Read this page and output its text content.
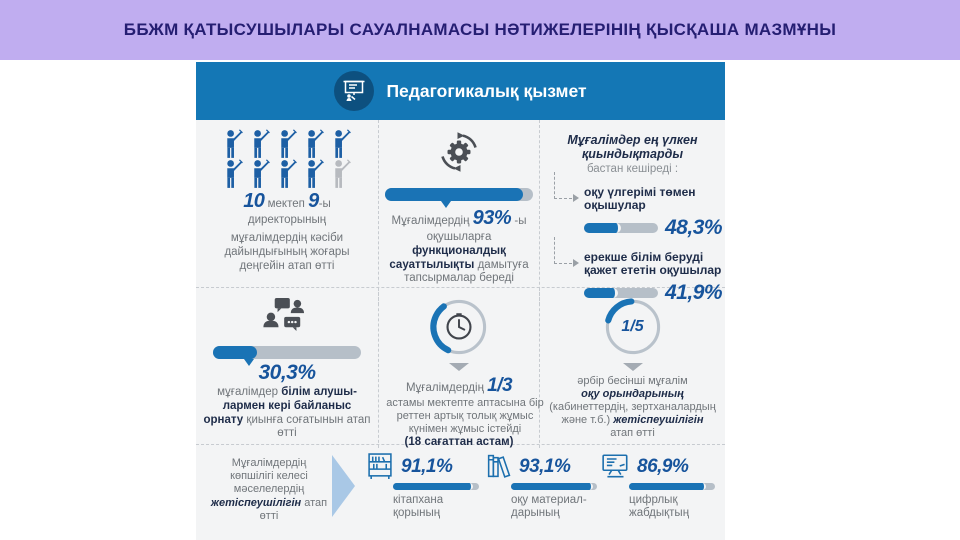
ББЖМ ҚАТЫСУШЫЛАРЫ САУАЛНАМАСЫ НӘТИЖЕЛЕРІНІҢ ҚЫСҚАША МАЗМҰНЫ
Педагогикалық қызмет
10 мектеп 9-ы
директорының
мұғалімдердің кәсіби дайындығының жоғары деңгейін атап өтті
Мұғалімдердің 93% -ы
оқушыларға функционалдық сауаттылықты дамытуға тапсырмалар береді
Мұғалімдер ең үлкен қиындықтарды
бастан кешіреді :
оқу үлгерімі төмен оқышулар
48,3%
ерекше білім беруді қажет ететін оқушылар
41,9%
30,3%
мұғалімдер білім алушы-лармен кері байланыс орнату қиынға соғатынын атап өтті
Мұғалімдердің 1/3
астамы мектепте аптасына бір реттен артық толық жұмыс күнімен жұмыс істейді
(18 сағаттан астам)
1/5
әрбір бесінші мұғалім
оқу орындарының
(кабинеттердің, зертханалардың және т.б.) жетіспеушілігін
атап өтті
Мұғалімдердің көпшілігі келесі мәселелердің жетіспеушілігін атап өтті
91,1%
кітапхана қорының
93,1%
оқу материал-дарының
86,9%
цифрлық жабдықтың
